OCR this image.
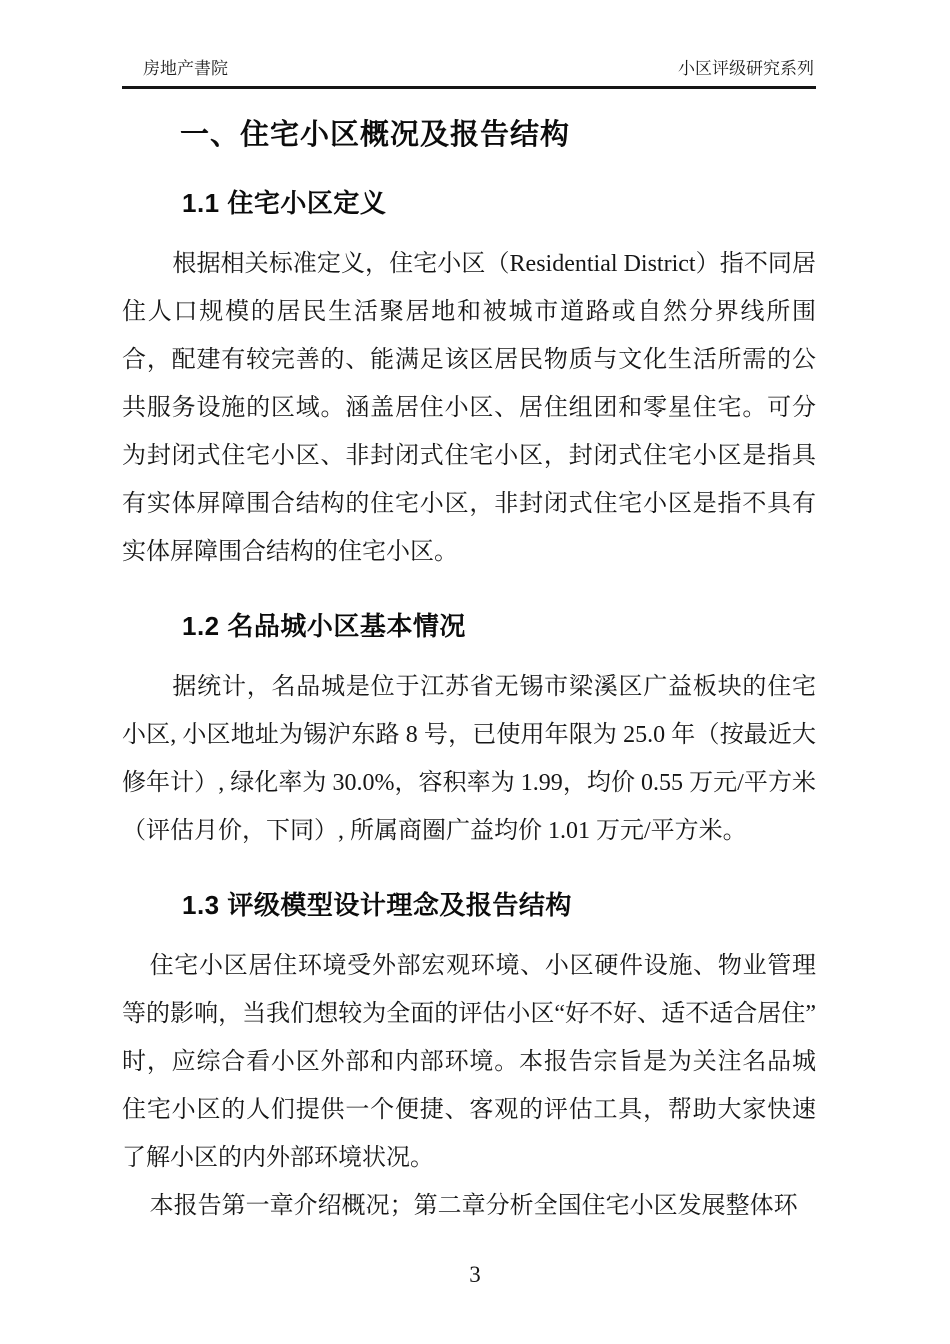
房地产書院	小区评级研究系列
一、住宅小区概况及报告结构
1.1 住宅小区定义

根据相关标准定义，住宅小区（Residential District）指不同居住人口规模的居民生活聚居地和被城市道路或自然分界线所围合，配建有较完善的、能满足该区居民物质与文化生活所需的公共服务设施的区域。涵盖居住小区、居住组团和零星住宅。可分为封闭式住宅小区、非封闭式住宅小区，封闭式住宅小区是指具有实体屏障围合结构的住宅小区，非封闭式住宅小区是指不具有实体屏障围合结构的住宅小区。

1.2 名品城小区基本情况

据统计，名品城是位于江苏省无锡市梁溪区广益板块的住宅小区, 小区地址为锡沪东路 8 号，已使用年限为 25.0 年（按最近大修年计）, 绿化率为 30.0%，容积率为 1.99，均价 0.55 万元/平方米（评估月价，下同）, 所属商圈广益均价 1.01 万元/平方米。

1.3 评级模型设计理念及报告结构

住宅小区居住环境受外部宏观环境、小区硬件设施、物业管理等的影响，当我们想较为全面的评估小区“好不好、适不适合居住”时，应综合看小区外部和内部环境。本报告宗旨是为关注名品城住宅小区的人们提供一个便捷、客观的评估工具，帮助大家快速了解小区的内外部环境状况。

本报告第一章介绍概况；第二章分析全国住宅小区发展整体环

3
